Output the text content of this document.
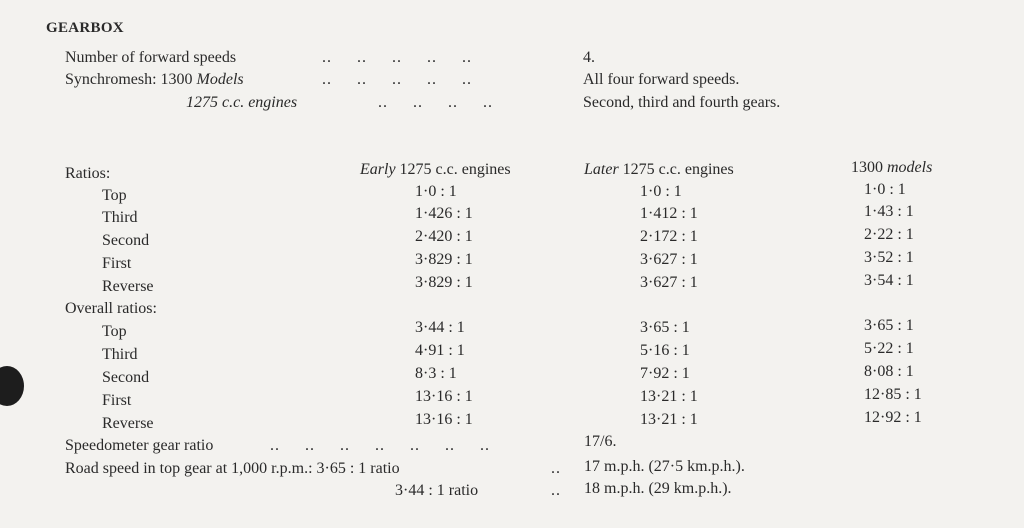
GEARBOX
Number of forward speeds	..     ..     ..     ..     ..	4.
Synchromesh: 1300 Models	..     ..     ..     ..     ..	All four forward speeds.
1275 c.c. engines	..     ..     ..     ..	Second, third and fourth gears.
Ratios:	Early 1275 c.c. engines	Later 1275 c.c. engines	1300 models
Top	1·0 : 1	1·0 : 1	1·0 : 1
Third	1·426 : 1	1·412 : 1	1·43 : 1
Second	2·420 : 1	2·172 : 1	2·22 : 1
First	3·829 : 1	3·627 : 1	3·52 : 1
Reverse	3·829 : 1	3·627 : 1	3·54 : 1
Overall ratios:
Top	3·44 : 1	3·65 : 1	3·65 : 1
Third	4·91 : 1	5·16 : 1	5·22 : 1
Second	8·3 : 1	7·92 : 1	8·08 : 1
First	13·16 : 1	13·21 : 1	12·85 : 1
Reverse	13·16 : 1	13·21 : 1	12·92 : 1
Speedometer gear ratio	..     ..     ..     ..     ..     ..     ..	17/6.
Road speed in top gear at 1,000 r.p.m.: 3·65 : 1 ratio	.. 17 m.p.h. (27·5 km.p.h.).
3·44 : 1 ratio	.. 18 m.p.h. (29 km.p.h.).
